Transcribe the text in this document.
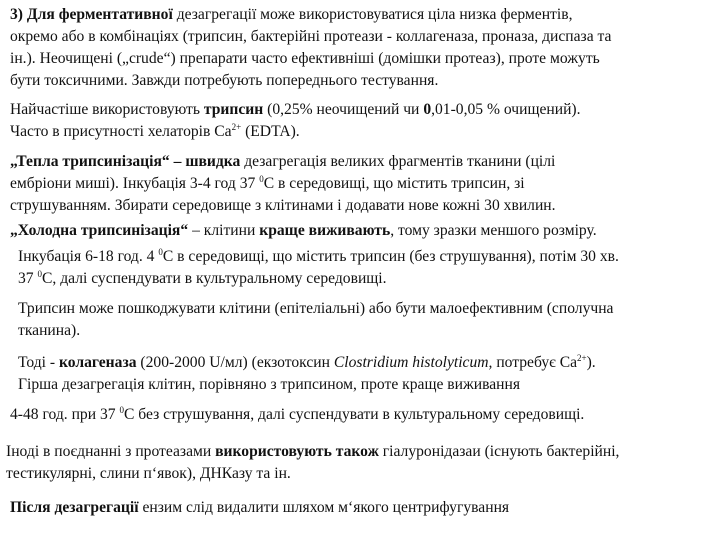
3) Для ферментативної дезагрегації може використовуватися ціла низка ферментів,
окремо або в комбінаціях (трипсин, бактерійні протеази - коллагеназа, проназа, диспаза та
ін.). Неочищені („crude“) препарати часто ефективніші (домішки протеаз), проте можуть
бути токсичними. Завжди потребують попереднього тестування.
Найчастіше використовують трипсин (0,25% неочищений чи 0,01-0,05 % очищений).
Часто в присутності хелаторів $Ca^{2+}$ (EDTA).
„Тепла трипсинізація“ – швидка дезагрегація великих фрагментів тканини (цілі
ембріони миші). Інкубація 3-4 год 37 $^0$С в середовищі, що містить трипсин, зі
струшуванням. Збирати середовище з клітинами і додавати нове кожні 30 хвилин.
„Холодна трипсинізація“ – клітини краще виживають, тому зразки меншого розміру.
Інкубація 6-18 год. 4 $^0$С в середовищі, що містить трипсин (без струшування), потім 30 хв.
37 $^0$С, далі суспендувати в культуральному середовищі.
Трипсин може пошкоджувати клітини (епітеліальні) або бути малоефективним (сполучна
тканина).
Тоді - колагеназа (200-2000 U/мл) (екзотоксин Clostridium histolyticum, потребує $Ca^{2+}$).
Гірша дезагрегація клітин, порівняно з трипсином, проте краще виживання
4-48 год. при 37 $^0$С без струшування, далі суспендувати в культуральному середовищі.
Іноді в поєднанні з протеазами використовують також гіалуронідазаи (існують бактерійні,
тестикулярні, слини п‘явок), ДНКазу та ін.
Після дезагрегації ензим слід видалити шляхом м‘якого центрифугування
